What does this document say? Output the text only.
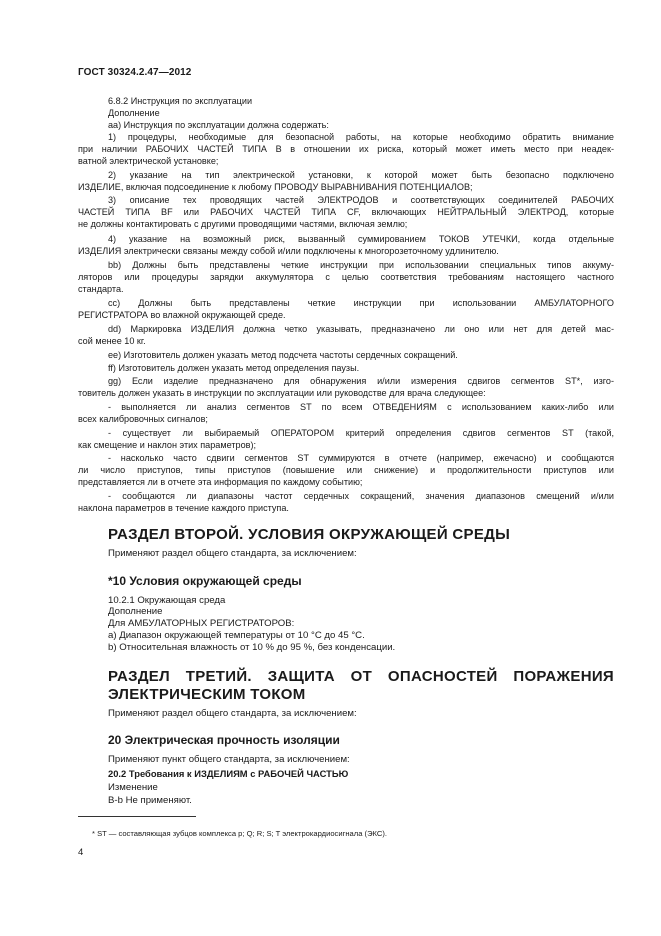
ГОСТ 30324.2.47—2012
6.8.2 Инструкция по эксплуатации
Дополнение
аа) Инструкция по эксплуатации должна содержать:
1) процедуры, необходимые для безопасной работы, на которые необходимо обратить внимание
при наличии РАБОЧИХ ЧАСТЕЙ ТИПА В в отношении их риска, который может иметь место при неадек-
ватной электрической установке;
2) указание на тип электрической установки, к которой может быть безопасно подключено
ИЗДЕЛИЕ, включая подсоединение к любому ПРОВОДУ ВЫРАВНИВАНИЯ ПОТЕНЦИАЛОВ;
3) описание тех проводящих частей ЭЛЕКТРОДОВ и соответствующих соединителей РАБОЧИХ
ЧАСТЕЙ ТИПА BF или РАБОЧИХ ЧАСТЕЙ ТИПА CF, включающих НЕЙТРАЛЬНЫЙ ЭЛЕКТРОД, которые
не должны контактировать с другими проводящими частями, включая землю;
4) указание на возможный риск, вызванный суммированием ТОКОВ УТЕЧКИ, когда отдельные
ИЗДЕЛИЯ электрически связаны между собой и/или подключены к многорозеточному удлинителю.
bb) Должны быть представлены четкие инструкции при использовании специальных типов аккуму-
ляторов или процедуры зарядки аккумулятора с целью соответствия требованиям настоящего частного
стандарта.
сс) Должны быть представлены четкие инструкции при использовании АМБУЛАТОРНОГО
РЕГИСТРАТОРА во влажной окружающей среде.
dd) Маркировка ИЗДЕЛИЯ должна четко указывать, предназначено ли оно или нет для детей мас-
сой менее 10 кг.
ее) Изготовитель должен указать метод подсчета частоты сердечных сокращений.
ff) Изготовитель должен указать метод определения паузы.
gg) Если изделие предназначено для обнаружения и/или измерения сдвигов сегментов ST*, изго-
товитель должен указать в инструкции по эксплуатации или руководстве для врача следующее:
- выполняется ли анализ сегментов ST по всем ОТВЕДЕНИЯМ с использованием каких-либо или
всех калибровочных сигналов;
- существует ли выбираемый ОПЕРАТОРОМ критерий определения сдвигов сегментов ST (такой,
как смещение и наклон этих параметров);
- насколько часто сдвиги сегментов ST суммируются в отчете (например, ежечасно) и сообщаются
ли число приступов, типы приступов (повышение или снижение) и продолжительности приступов или
представляется ли в отчете эта информация по каждому событию;
- сообщаются ли диапазоны частот сердечных сокращений, значения диапазонов смещений и/или
наклона параметров в течение каждого приступа.
РАЗДЕЛ ВТОРОЙ. УСЛОВИЯ ОКРУЖАЮЩЕЙ СРЕДЫ
Применяют раздел общего стандарта, за исключением:
*10 Условия окружающей среды
10.2.1 Окружающая среда
Дополнение
Для АМБУЛАТОРНЫХ РЕГИСТРАТОРОВ:
а) Диапазон окружающей температуры от 10 °С до 45 °С.
b) Относительная влажность от 10 % до 95 %, без конденсации.
РАЗДЕЛ ТРЕТИЙ. ЗАЩИТА ОТ ОПАСНОСТЕЙ ПОРАЖЕНИЯ
ЭЛЕКТРИЧЕСКИМ ТОКОМ
Применяют раздел общего стандарта, за исключением:
20 Электрическая прочность изоляции
Применяют пункт общего стандарта, за исключением:
20.2 Требования к ИЗДЕЛИЯМ с РАБОЧЕЙ ЧАСТЬЮ
Изменение
B-b Не применяют.
* ST — составляющая зубцов комплекса р; Q; R; S; T электрокардиосигнала (ЭКС).
4
